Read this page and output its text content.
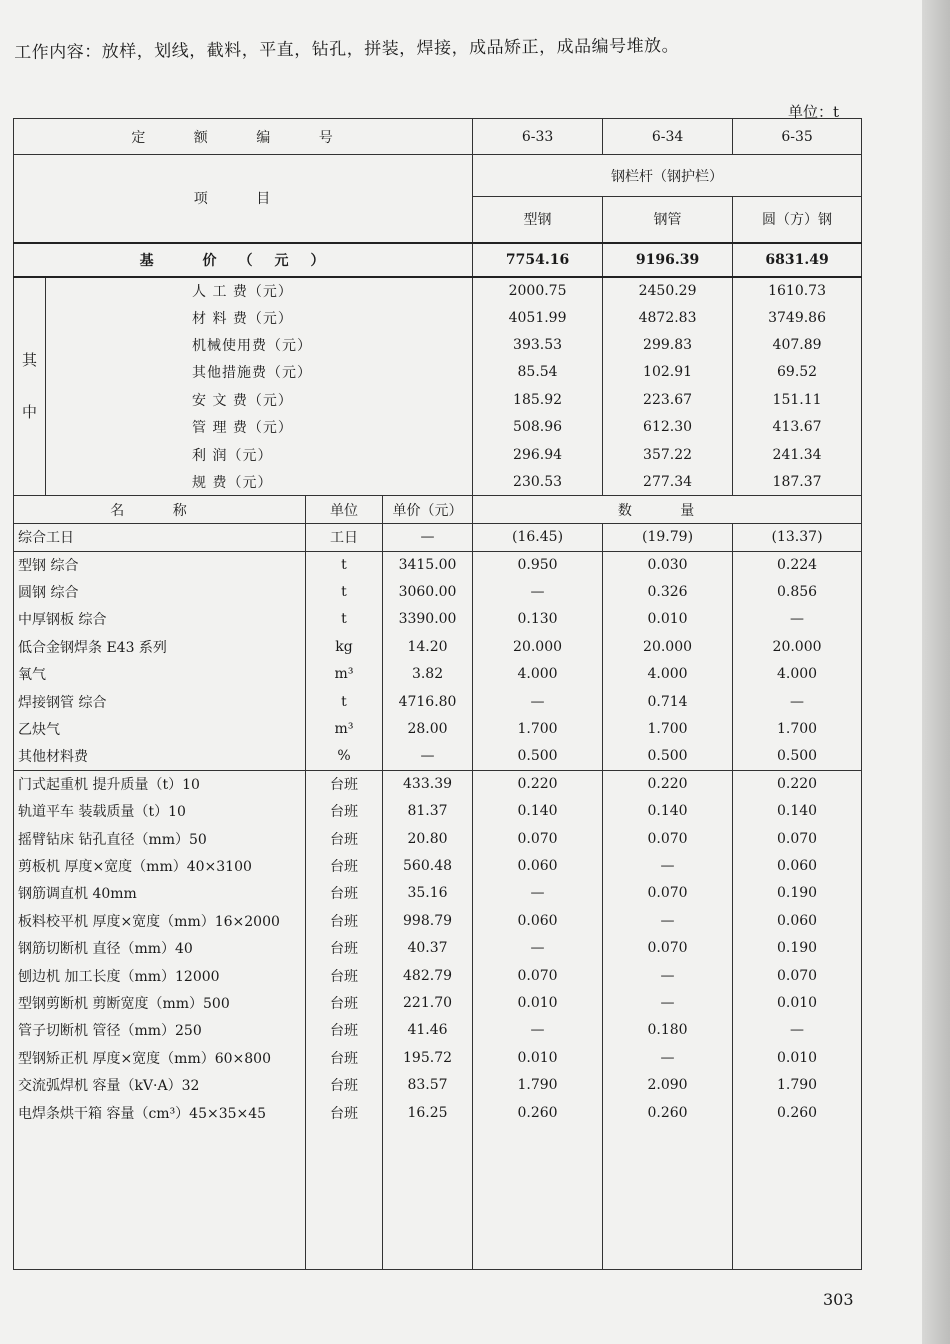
工作内容：放样，划线，截料，平直，钻孔，拼装，焊接，成品矫正，成品编号堆放。
单位：t
定 额 编 号				6-33	6-34	6-35
项 目				钢栏杆（钢护栏）		
				型钢	钢管	圆（方）钢
基 价（元）				7754.16	9196.39	6831.49
其
中	人 工 费（元）			2000.75	2450.29	1610.73
	材 料 费（元）			4051.99	4872.83	3749.86
	机械使用费（元）			393.53	299.83	407.89
	其他措施费（元）			85.54	102.91	69.52
	安 文 费（元）			185.92	223.67	151.11
	管 理 费（元）			508.96	612.30	413.67
	利 润（元）			296.94	357.22	241.34
	规 费（元）			230.53	277.34	187.37
名 称		单位	单价（元）	数 量		
综合工日		工日	—	(16.45)	(19.79)	(13.37)
型钢 综合		t	3415.00	0.950	0.030	0.224
圆钢 综合		t	3060.00	—	0.326	0.856
中厚钢板 综合		t	3390.00	0.130	0.010	—
低合金钢焊条 E43 系列		kg	14.20	20.000	20.000	20.000
氧气		m³	3.82	4.000	4.000	4.000
焊接钢管 综合		t	4716.80	—	0.714	—
乙炔气		m³	28.00	1.700	1.700	1.700
其他材料费		%	—	0.500	0.500	0.500
门式起重机 提升质量（t）10		台班	433.39	0.220	0.220	0.220
轨道平车 装载质量（t）10		台班	81.37	0.140	0.140	0.140
摇臂钻床 钻孔直径（mm）50		台班	20.80	0.070	0.070	0.070
剪板机 厚度×宽度（mm）40×3100		台班	560.48	0.060	—	0.060
钢筋调直机 40mm		台班	35.16	—	0.070	0.190
板料校平机 厚度×宽度（mm）16×2000		台班	998.79	0.060	—	0.060
钢筋切断机 直径（mm）40		台班	40.37	—	0.070	0.190
刨边机 加工长度（mm）12000		台班	482.79	0.070	—	0.070
型钢剪断机 剪断宽度（mm）500		台班	221.70	0.010	—	0.010
管子切断机 管径（mm）250		台班	41.46	—	0.180	—
型钢矫正机 厚度×宽度（mm）60×800		台班	195.72	0.010	—	0.010
交流弧焊机 容量（kV·A）32		台班	83.57	1.790	2.090	1.790
电焊条烘干箱 容量（cm³）45×35×45		台班	16.25	0.260	0.260	0.260

303
